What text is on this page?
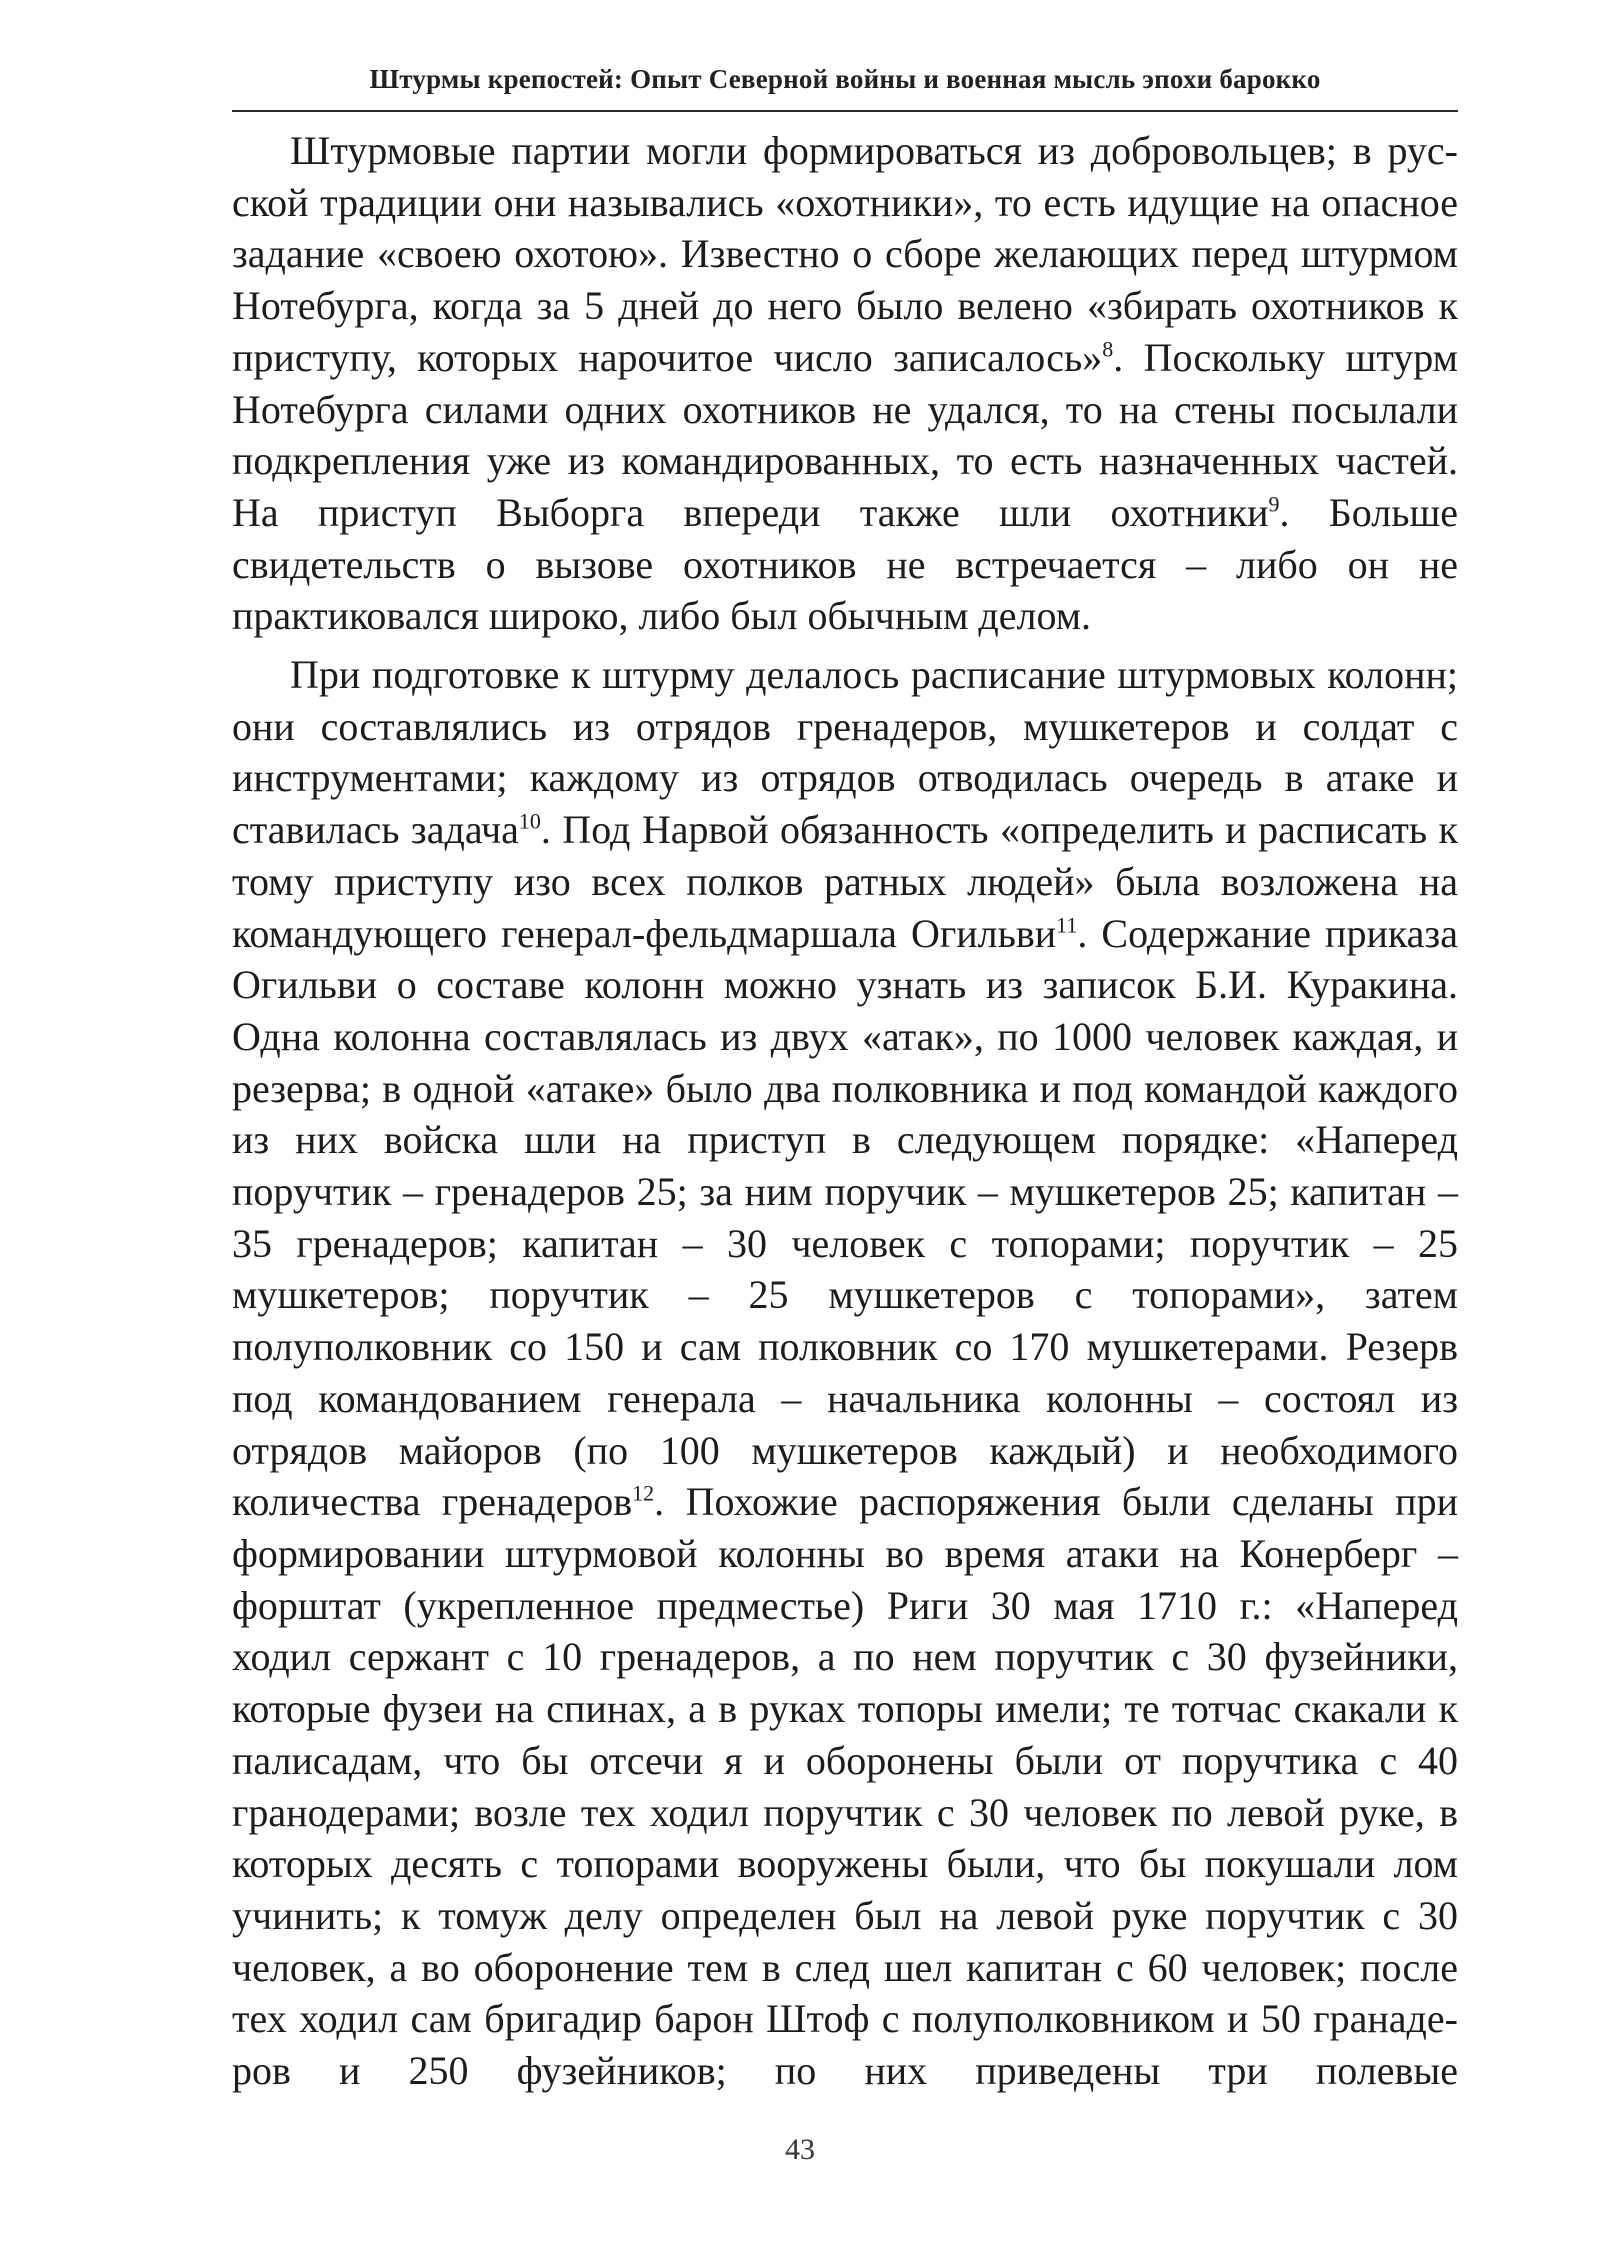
Штурмы крепостей: Опыт Северной войны и военная мысль эпохи барокко

Штурмовые партии могли формироваться из добровольцев; в русской традиции они назывались «охотники», то есть идущие на опасное задание «своею охотою». Известно о сборе желающих перед штурмом Нотебурга, когда за 5 дней до него было велено «збирать охотников к приступу, которых нарочитое число записалось»$^8$. Поскольку штурм Нотебурга силами одних охотников не удался, то на стены посылали подкрепления уже из командированных, то есть назначенных частей. На приступ Выборга впереди также шли охотники$^9$. Больше свидетельств о вызове охотников не встречается – либо он не практиковался широко, либо был обычным делом.

При подготовке к штурму делалось расписание штурмовых колонн; они составлялись из отрядов гренадеров, мушкетеров и солдат с инструментами; каждому из отрядов отводилась очередь в атаке и ставилась задача$^{10}$. Под Нарвой обязанность «определить и расписать к тому приступу изо всех полков ратных людей» была возложена на командующего генерал-фельдмаршала Огильви$^{11}$. Содержание приказа Огильви о составе колонн можно узнать из записок Б.И. Куракина. Одна колонна составлялась из двух «атак», по 1000 человек каждая, и резерва; в одной «атаке» было два полковника и под командой каждого из них войска шли на приступ в следующем порядке: «Наперед поручтик – гренадеров 25; за ним поручик – мушкетеров 25; капитан – 35 гренадеров; капитан – 30 человек с топорами; поручтик – 25 мушкетеров; поручтик – 25 мушкетеров с топорами», затем полуполковник со 150 и сам полковник со 170 мушкетерами. Резерв под командованием генерала – начальника колонны – состоял из отрядов майоров (по 100 мушкетеров каждый) и необходимого количества гренадеров$^{12}$. Похожие распоряжения были сделаны при формировании штурмовой колонны во время атаки на Конерберг – форштат (укрепленное предместье) Риги 30 мая 1710 г.: «Наперед ходил сержант с 10 гренадеров, а по нем поручтик с 30 фузейники, которые фузеи на спинах, а в руках топоры имели; те тотчас скакали к палисадам, что бы отсечи я и оборонены были от поручтика с 40 гранодерами; возле тех ходил поручтик с 30 человек по левой руке, в которых десять с топорами вооружены были, что бы покушали лом учинить; к томуж делу определен был на левой руке поручтик с 30 человек, а во оборонение тем в след шел капитан с 60 человек; после тех ходил сам бригадир барон Штоф с полуполковником и 50 гранадеров и 250 фузейников; по них приведены три полевые

43
